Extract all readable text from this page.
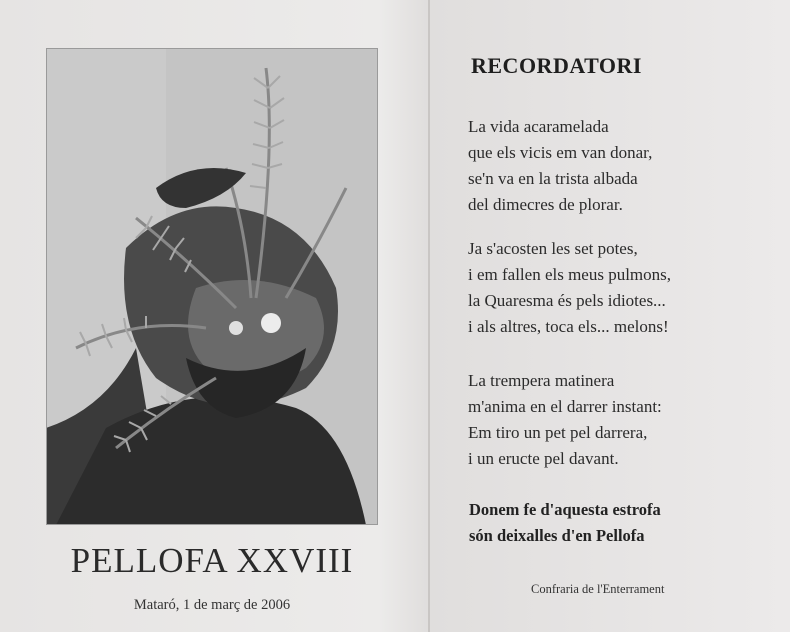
PELLOFA XXVIII
Mataró, 1 de març de 2006
RECORDATORI
La vida acaramelada
que els vicis em van donar,
se'n va en la trista albada
del dimecres de plorar.
Ja s'acosten les set potes,
i em fallen els meus pulmons,
la Quaresma és pels idiotes...
i als altres, toca els... melons!
La trempera matinera
m'anima en el darrer instant:
Em tiro un pet pel darrera,
i un eructe pel davant.
Donem fe d'aquesta estrofa
són deixalles d'en Pellofa
Confraria de l'Enterrament
